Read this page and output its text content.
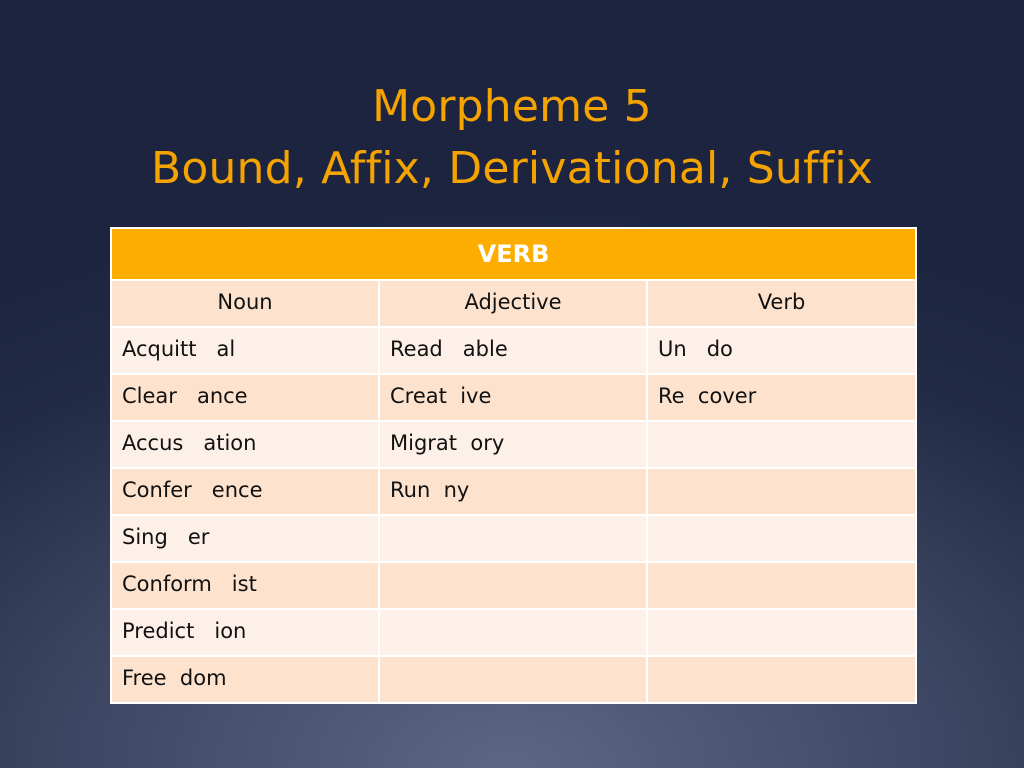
Morpheme 5
Bound, Affix, Derivational, Suffix
VERB		
Noun	Adjective	Verb
Acquitt   al	Read   able	Un   do
Clear   ance	Creat  ive	Re  cover
Accus   ation	Migrat  ory	
Confer   ence	Run  ny	
Sing   er		
Conform   ist		
Predict   ion		
Free  dom		
